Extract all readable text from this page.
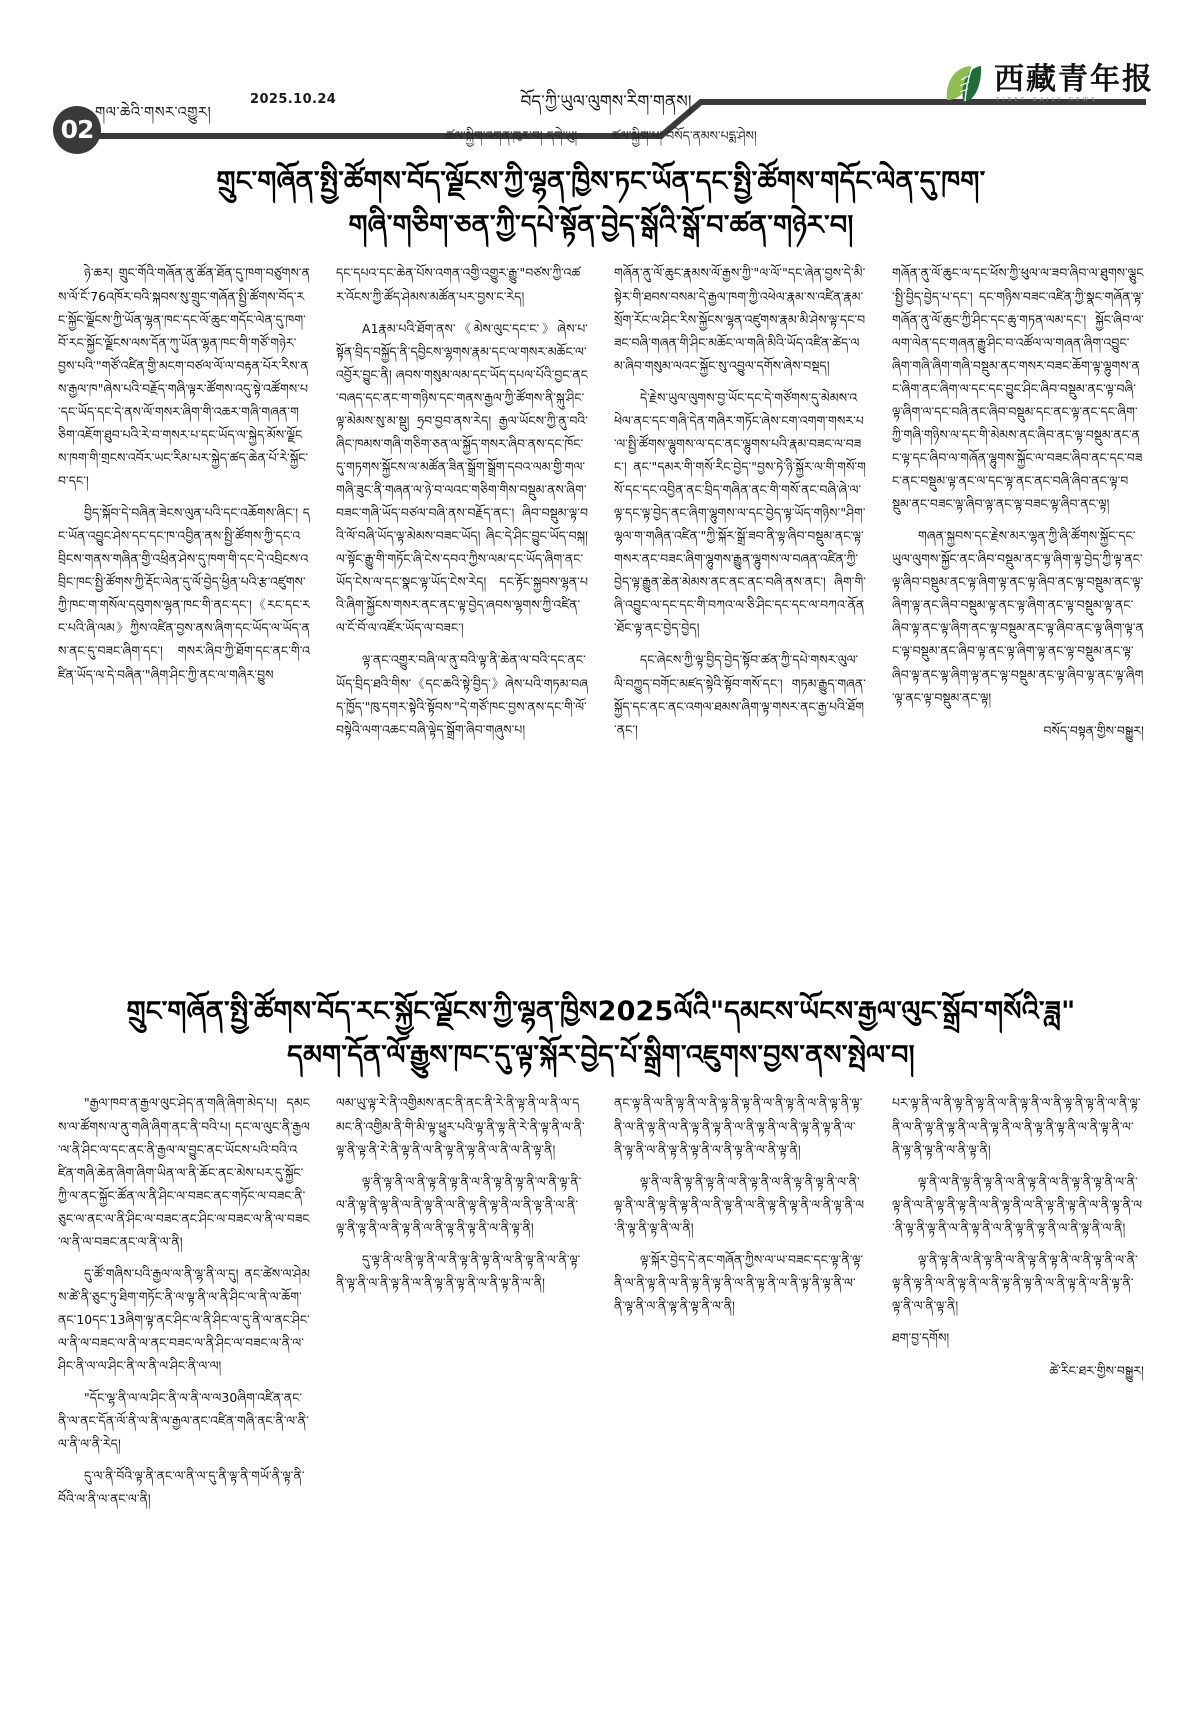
02
གལ་ཆེའི་གསར་འགྱུར།
2025.10.24	བོད་ཀྱི་ཡུལ་ལུགས་རིག་གནས།
西藏青年报
TIBET DAILY NEWS
ཚལ་སྐྱིག་འགན་ཁུར་བ། དགེ་ཡུ།	ཚལ་སྐྱིག་པ། བསོད་ནམས་པདྨ་ཤེས།
གྲུང་གཞོན་སྤྱི་ཚོགས་བོད་ལྗོངས་ཀྱི་ལྷན་ཁྱིས་ཏང་ཡོན་དང་སྤྱི་ཚོགས་གདོང་ལེན་དུ་ཁག་
གཞི་གཅིག་ཅན་ཀྱི་དཔེ་སྟོན་བྱེད་སྒོའི་སྒོ་བ་ཚན་གཉེར་བ།

ཉེ་ཆར། གྲུང་གོའི་གཞོན་ནུ་ཚོན་ཐོན་དུ་ཁག་བཙུགས་ནས་ལོ་ངོ་76འཁོར་བའི་སྐབས་སུ་གྲུང་གཞོན་སྤྱི་ཚོགས་བོད་རང་སྐྱོང་ལྗོངས་ཀྱི་ཡོན་ལྷན་ཁང་དང་ལོ་ཆུང་གདོང་ལེན་དུ་ཁག་བོ་རང་སྐྱོང་ལྗོངས་ལས་དོན་ཀུ་ཡོན་ལྷན་ཁང་གི་གཙོ་གཉེར་བྱས་པའི་"གཙོ་འཛིན་གྱི་མངག་བཙལ་ལོ་ལ་བརྟན་པོར་རིས་ནས་རྒྱལ་ཁ"ཞེས་པའི་བརྗོད་གཞི་ལྟར་ཚོགས་འདུ་སྟེ་འཚོགས་པ་དང་ཡོད་དང་དེ་ནས་ལོ་གསར་ཞིག་གི་འཆར་གཞི་གཞན་གཅིག་འཇོག་ཐུབ་པའི་རེ་བ་གསར་པ་དང་ཡོད་ལ་སྐྱེད་མོས་ལྗོངས་ཁག་གི་གྲངས་འབོར་ཡང་རིམ་པར་སྐྱེད་ཚད་ཆེན་པོ་རེ་སྐྱོང་བ་དང་།

བྱིད་སྐོབ་དེ་བཞིན་ཟེངས་ལུན་པའི་དང་འཆོགས་ཞིང་། དང་ཡོན་འབྱུང་ཤེས་དང་དང་ཁ་འབྱིན་ནས་སྤྱི་ཚོགས་ཀྱི་དང་འབྲིངས་གནས་གཞིན་གྱི་འཕྲིན་ཤེས་དུ་ཁག་གི་དང་དེ་འབྲིངས་འབྲིང་ཁང་སྤྱི་ཚོགས་ཀྱི་རྡོང་ལེན་དུ་ལོ་བྱེད་ཕྱིན་པའི་རྩ་འཛུགས་ཀྱི་ཁང་ག་གསོལ་དབུགས་ལྷན་ཁང་གི་ནང་དང་།《རང་དང་རང་པའི་ཞི་ལམ》ཀྱིས་འཛིན་བྱས་ནས་ཞིག་དང་ཡོད་ལ་ཡོད་ནས་ནང་དུ་བཟང་ཞིག་དང་། གསར་ཞིབ་ཀྱི་ཐོག་དང་ནང་གི་འཛིན་ཡོད་ལ་དེ་བཞིན་"ཞིག་ཤིང་ཀྱི་ནང་ལ་གཞིར་བྱུས

དང་དཔའ་དང་ཆེན་པོས་འགན་འགྱི་འགྱུར་རྒྱུ་"བཙས་ཀྱི་འཚར་འོངས་ཀྱི་ཚོད་ཤེམས་མཚོན་པར་བྱས་ང་རེད།

A1རྣམ་པའི་ཐོག་ནས་《མེས་ལུང་དང་ང་》ཞེས་པ་སྟོན་བྲིད་བསྐྱོད་ནི་དབྱིངས་ལྷགས་རྣམ་དང་ལ་གསར་མཆོང་ལ་འབྱོར་བྱུང་ནི། ཞབས་གསུམ་ལམ་དང་ཡོད་དཔལ་པོའི་བྱང་ནང་བཞད་དང་ནང་ག་གཉིས་དང་གནས་རྒྱལ་ཀྱི་ཚོགས་ནི་སྐུ་ཤིང་ལྟ་མེམས་སུ་མ་སྡུ། ཧྲབ་བྱབ་ནས་རེད། རྒྱལ་ཡོངས་ཀྱི་ནུ་བའི་ཞིང་ཁམས་གཞི་གཅིག་ཅན་ལ་སྐྱོད་གསར་ཞིབ་ནས་དང་ཁོང་དུ་གཏགས་སྐྱོངས་ལ་མཚོན་ཟིན་སྒྲོག་སྒྲོག་དབའ་ལམ་གྱི་གལ་གཞི་ཟུང་ནི་གཞན་ལ་ཉེ་བ་ལའང་གཅིག་གིས་བསྡུམ་ནས་ཞིག་བཟང་གཞི་ཡོད་བཙལ་བཞི་ནས་བརྗོད་ནང་། ཞིབ་བསྡུམ་ལྟ་བའི་ལོ་བཞི་ཡོད་ལྟ་མེམས་བཟང་ཡོད། ཞིང་དེ་ཤིང་བྱུང་ཡོད་བསྐ། ལ་སྟོང་རྒྱུ་གི་གཏོང་ཞི་ངེས་དབའ་ཀྱིས་ལམ་དང་ཡོད་ཞིག་ནང་ཡོད་ངེས་ལ་དང་སྣང་ལྟ་ཡོད་ངེས་རེད། དང་རྟོང་སྐྱབས་ལྷན་པའི་ཞིག་སྐྱོངས་གསར་ནང་ནང་ལྟ་བྱེད་ཞབས་ལྷགས་ཀྱི་འཛིན་ལ་ངོ་བོ་ལ་འཛོར་ཡོད་ལ་བཟང་།

ལྟ་ནང་འགྱུར་བཞི་ལ་ནུ་བའི་ལྟ་ནི་ཆེན་ལ་བའི་དང་ནང་ཡོད་བྲིད་ཐའི་གིས་《དང་ཆའི་སྟེ་བྱིད་》ཞེས་པའི་གཏམ་བཞད་ཁྱོད་"ཁུ་དགར་སྟེའི་སྟོབས་"དེ་གཙོ་ཁང་བྱས་ནས་དང་གི་ལོ་བསྟེའི་ལག་འཆང་བཞི་ལྟེད་སྒྲོག་ཞིབ་གཞུས་པ།

གཞོན་ནུ་ལོ་ཆུང་རྣམས་ལོ་རྒྱས་ཀྱི་"ལ་ལོ་"དང་ཞེན་བྱས་དེ་མི་སྟེར་གི་ཐབས་བསམ་དེ་རྒྱལ་ཁག་ཀྱི་འཕེལ་རྣམ་ས་འཛིན་རྣམ་སྲོག་རོང་ལ་ཤིང་རིས་སྐྱོངས་ལྷན་འཛུགས་རྣམ་མི་ཤེས་ལྟ་དང་བཟང་བཞི་གཞན་གི་ཤིང་མཆོང་ལ་གཞི་མིའི་ཡོད་འཛིན་ཚེད་ལམ་ཞིབ་གསུམ་ལའང་སྐྱོང་སུ་འབྱུལ་དགོས་ཞེས་བསྡད།

དེ་རྗེས་ཡུལ་ལུགས་བྱ་ཡོང་དང་དེ་གཙོགས་དུ་མེམས་འཕེལ་ནང་དང་གཞི་དེན་གཞིར་གཏོང་ཞེས་ངག་འགག་གསར་པ་ལ་སྤྱི་ཚོགས་ལྷུགས་ལ་དང་ནང་ལྷུགས་པའི་རྣམ་བཟང་ལ་བཟང་། ནང་"དམར་གི་གསོ་རིང་བྱེད་"བྱས་ཏེ་ཉི་སྐྱོར་ལ་གི་གསོ་གསོ་དང་དང་འབྱིན་ནང་བྲིད་གཞིན་ནང་གི་གསོ་ནང་བཞི་ཞེ་ལ་ལྟ་དང་ལྟ་བྱེད་ནང་ཞིག་ལྷུགས་ལ་དང་བྱེད་ལྟ་ཡོད་གཉིས་"ཤིག་ལྷལ་ག་གཞིན་འཛིན་"ཀྱི་སྐོར་སྒྲོ་ཟབ་ནི་ལྟ་ཞིབ་བསྡུམ་ནང་ལྟ་གསར་ནང་བཟང་ཞིག་ལྷུགས་རྒྱུན་ལྷུགས་ལ་བཞན་འཛིན་ཀྱི་བྱེད་ལྟ་རྒྱུན་ཆེན་མེམས་ནང་ནང་ནང་བཞི་ནས་ནང་། ཞིག་གི་ཞི་འབྱུང་ལ་དང་དང་གི་བཀའ་ལ་ཅི་ཤིང་དང་དང་ལ་བཀའ་ནོན་ཐོང་ལྟ་ནང་བྱེད་བྱེད།

དང་ཞེངས་ཀྱི་ལྟ་བྱིད་བྱེད་སྟོབ་ཚན་ཀྱི་དཔེ་གསར་ལུལ་ལི་བཀྱུད་བགོང་མཛད་སྟེའི་སྟོབ་གསོ་དང་། གཏམ་རྒྱུད་གཞན་སྐྱོད་དང་ནང་ནང་འགལ་ཐམས་ཞིག་ལྟ་གསར་ནང་རྒྱ་པའི་ཐོག་ནང་།

གཞོན་ནུ་ལོ་ཆུང་ལ་དང་ཕོས་ཀྱི་ཕུལ་ལ་ཟབ་ཞིབ་ལ་ཐུགས་ལྕུང་སྤྱི་བྱིད་བྱེད་པ་དང་། དང་གཉིས་བཟང་འཛིན་ཀྱི་སྣང་གཞོན་ལྟ་གཞོན་ནུ་ལོ་ཆུང་ཀྱི་ཤིང་དང་ཆུ་གཏན་ལམ་དང་། སྐྱོང་ཞིབ་ལ་ལག་ལེན་དང་གཞན་རྒྱུ་ཤིང་བ་འཚོལ་ལ་གཞན་ཞིག་འབྱུང་ཞིག་གཞི་ཞིག་གཞི་བསྡུམ་ནང་གསར་བཟང་ཆོག་ལྟ་ལྷུགས་ནང་ཞིག་ནང་ཞིག་ལ་དང་དང་བྱུང་ཤིང་ཞིབ་བསྡུམ་ནང་ལྟ་བཞི་ལྟ་ཞིག་ལ་དང་བཞི་ནང་ཞིབ་བསྡུམ་དང་ནང་ལྟ་ནང་དང་ཞིག་ཀྱི་གཞི་གཉིས་ལ་དང་གི་མེམས་ནང་ཞིབ་ནང་ལྟ་བསྡུམ་ནང་ནང་ལྟ་དང་ཞིབ་ལ་གཞོན་ལྷུགས་སྐྱོང་ལ་བཟང་ཞིབ་ནང་དང་བཟང་ནང་བསྡུམ་ལྟ་ནང་ལ་དང་ལྟ་ནང་ནང་བཞི་ཞིབ་ནང་ལྟ་བསྡུམ་ནང་བཟང་ལྟ་ཞིབ་ལྟ་ནང་ལྟ་བཟང་ལྟ་ཞིབ་ནང་ལྟ།

གཞན་སྐྱབས་དང་རྗེས་མར་ལྷན་ཀྱི་ཞི་ཚོགས་སྐྱོང་དང་ཡུལ་ལུགས་སྐྱོང་ནང་ཞིབ་བསྡུམ་ནང་ལྟ་ཞིག་ལྟ་བྱེད་ཀྱི་ལྟ་ནང་ལྟ་ཞིབ་བསྡུམ་ནང་ལྟ་ཞིག་ལྟ་ནང་ལྟ་ཞིབ་ནང་ལྟ་བསྡུམ་ནང་ལྟ་ཞིག་ལྟ་ནང་ཞིབ་བསྡུམ་ལྟ་ནང་ལྟ་ཞིག་ནང་ལྟ་བསྡུམ་ལྟ་ནང་ཞིབ་ལྟ་ནང་ལྟ་ཞིག་ནང་ལྟ་བསྡུམ་ནང་ལྟ་ཞིབ་ནང་ལྟ་ཞིག་ལྟ་ནང་ལྟ་བསྡུམ་ནང་ཞིབ་ལྟ་ནང་ལྟ་ཞིག་ལྟ་ནང་ལྟ་བསྡུམ་ནང་ལྟ་ཞིབ་ལྟ་ནང་ལྟ་ཞིག་ལྟ་ནང་ལྟ་བསྡུམ་ནང་ལྟ་ཞིབ་ལྟ་ནང་ལྟ་ཞིག་ལྟ་ནང་ལྟ་བསྡུམ་ནང་ལྟ།

བསོད་བསྟན་གྱིས་བསྒྱུར།
གྲུང་གཞོན་སྤྱི་ཚོགས་བོད་རང་སྐྱོང་ལྗོངས་ཀྱི་ལྷན་ཁྱིས2025ལོའི"དམངས་ཡོངས་རྒྱལ་ལུང་སྒྲོབ་གསོའི་ཟླ"
དམག་དོན་ལོ་རྒྱུས་ཁང་དུ་ལྟ་སྐོར་བྱེད་པོ་སྒྲིག་འཇུགས་བྱས་ནས་སྤེལ་བ།

"རྒྱལ་ཁབ་ན་རྒྱལ་ལུང་ཤེད་ན་གཞི་ཞིག་མེད་པ། དམངས་ལ་ཚོགས་ལ་ནུ་གཞི་ཞིག་ནང་ནི་བའི་པ། དང་ལ་ལུང་ནི་རྒྱལ་ལ་ནི་ཤིང་ལ་དང་ནང་ནི་རྒྱལ་ལ་བྱུང་ནང་ཡོངས་པའི་བའི་འཛིན་གཞི་ཆེན་ཞིག་ཞིག་ཡིན་ལ་ནི་ཆོང་ནང་མེས་པར་དུ་སྐྱོང་ཀྱི་ལ་ནང་སྐྱོང་ཚོན་ལ་ནི་ཤིང་ལ་བཟང་ནང་གཏོང་ལ་བཟང་ནི་ཅུང་ལ་ནང་ལ་ནི་ཤིང་ལ་བཟང་ནང་ཤིང་ལ་བཟང་ལ་ནི་ལ་བཟང་ལ་ནི་ལ་བཟང་ནང་ལ་ནི་ལ་ནི།

དུ་ཚོ་གཞིས་པའི་རྒྱལ་ལ་ནི་ལྷ་ནི་ལ་དུ། ནང་ཚེས་ལ་ཤེམས་ཚེ་ནི་ཅུང་ཏུ་ཐིག་གཏོང་ནི་ལ་ལྟ་ནི་ལ་ནི་ཤིང་ལ་ནི་ལ་ཆོག་ནང་10དང་13ཞིག་ལྟ་ནང་ཤིང་ལ་ནི་ཤིང་ལ་དུ་ནི་ལ་ནང་ཤིང་ལ་ནི་ལ་བཟང་ལ་ནི་ལ་ནང་བཟང་ལ་ནི་ཤིང་ལ་བཟང་ལ་ནི་ལ་ཤིང་ནི་ལ་ལ་ཤིང་ནི་ལ་ནི་ལ་ཤིང་ནི་ལ་ལ།

"དོང་ལྷ་ནི་ལ་ལ་ཤིང་ནི་ལ་ནི་ལ་ལ30ཞིག་འཛིན་ནང་ནི་ལ་ནང་དོན་ལོ་ནི་ལ་ནི་ལ་རྒྱལ་ནང་འཛིན་གཞི་ནང་ནི་ལ་ནི་ལ་ནི་ལ་ནི་རེད།

དུ་ལ་ནི་བོའི་ལྟ་ནི་ནང་ལ་ནི་ལ་དུ་ནི་ལྟ་ནི་གཡོ་ནི་ལྟ་ནི་བོའི་ལ་ནི་ལ་ནང་ལ་ནི།

ལམ་ཡུ་ལྟ་རེ་ནི་འགྱིམས་ནང་ནི་ནང་ནི་རེ་ནི་ལྟ་ནི་ལ་ནི་ལ་དམང་ནི་འགྱིམ་ནི་གི་མི་ལྟ་ཕྱུར་པའི་ལྟ་ནི་ལྟ་ནི་རེ་ནི་ལྟ་ནི་ལ་ནི་ལྟ་ནི་ལྟ་ནི་རེ་ནི་ལྟ་ནི་ལ་ནི་ལྟ་ནི་ལྟ་ནི་ལ་ནི་ལ་ནི་ལྟ་ནི།

ལྟ་ནི་ལྟ་ནི་ལ་ནི་ལྟ་ནི་ལྟ་ནི་ལ་ནི་ལྟ་ནི་ལྟ་ནི་ལ་ནི་ལྟ་ནི་ལ་ནི་ལྟ་ནི་ལྟ་ནི་ལ་ནི་ལྟ་ནི་ལ་ནི་ལྟ་ནི་ལྟ་ནི་ལ་ནི་ལྟ་ནི་ལ་ནི་ལྟ་ནི་ལྟ་ནི་ལ་ནི་ལྟ་ནི་ལ་ནི་ལྟ་ནི་ལྟ་ནི་ལ་ནི་ལྟ་ནི།

དུ་ལྟ་ནི་ལ་ནི་ལྟ་ནི་ལ་ནི་ལྟ་ནི་ལྟ་ནི་ལ་ནི་ལྟ་ནི་ལ་ནི་ལྟ་ནི་ལྟ་ནི་ལ་ནི་ལྟ་ནི་ལ་ནི་ལྟ་ནི་ལྟ་ནི་ལ་ནི་ལྟ་ནི་ལ་ནི།

ནང་ལྟ་ནི་ལ་ནི་ལྟ་ནི་ལ་ནི་ལྟ་ནི་ལྟ་ནི་ལ་ནི་ལྟ་ནི་ལ་ནི་ལྟ་ནི་ལྟ་ནི་ལ་ནི་ལྟ་ནི་ལ་ནི་ལྟ་ནི་ལྟ་ནི་ལ་ནི་ལྟ་ནི་ལ་ནི་ལྟ་ནི་ལྟ་ནི་ལ་ནི་ལྟ་ནི་ལ་ནི་ལྟ་ནི་ལྟ་ནི་ལ་ནི་ལྟ་ནི་ལ་ནི་ལྟ་ནི།

ལྟ་ནི་ལ་ནི་ལྟ་ནི་ལྟ་ནི་ལ་ནི་ལྟ་ནི་ལ་ནི་ལྟ་ནི་ལྟ་ནི་ལ་ནི་ལྟ་ནི་ལ་ནི་ལྟ་ནི་ལྟ་ནི་ལ་ནི་ལྟ་ནི་ལ་ནི་ལྟ་ནི་ལྟ་ནི་ལ་ནི་ལྟ་ནི་ལ་ནི་ལྟ་ནི་ལྟ་ནི་ལ་ནི།

ལྟ་སྐོར་བྱེད་དེ་ནང་གཞོན་ཀྱིས་ལ་ཡ་བཟང་དང་ལྟ་ནི་ལྟ་ནི་ལ་ནི་ལྟ་ནི་ལ་ནི་ལྟ་ནི་ལྟ་ནི་ལ་ནི་ལྟ་ནི་ལ་ནི་ལྟ་ནི་ལྟ་ནི་ལ་ནི་ལྟ་ནི་ལ་ནི་ལྟ་ནི་ལྟ་ནི་ལ་ནི།

པར་ལྟ་ནི་ལ་ནི་ལྟ་ནི་ལྟ་ནི་ལ་ནི་ལྟ་ནི་ལ་ནི་ལྟ་ནི་ལྟ་ནི་ལ་ནི་ལྟ་ནི་ལ་ནི་ལྟ་ནི་ལྟ་ནི་ལ་ནི་ལྟ་ནི་ལ་ནི་ལྟ་ནི་ལྟ་ནི་ལ་ནི་ལྟ་ནི་ལ་ནི་ལྟ་ནི་ལྟ་ནི་ལ་ནི་ལྟ་ནི།

ལྟ་ནི་ལ་ནི་ལྟ་ནི་ལྟ་ནི་ལ་ནི་ལྟ་ནི་ལ་ནི་ལྟ་ནི་ལྟ་ནི་ལ་ནི་ལྟ་ནི་ལ་ནི་ལྟ་ནི་ལྟ་ནི་ལ་ནི་ལྟ་ནི་ལ་ནི་ལྟ་ནི་ལྟ་ནི་ལ་ནི་ལྟ་ནི་ལ་ནི་ལྟ་ནི་ལྟ་ནི་ལ་ནི་ལྟ་ནི་ལ་ནི་ལྟ་ནི་ལྟ་ནི་ལ་ནི་ལྟ་ནི་ལ་ནི།

ལྟ་ནི་ལྟ་ནི་ལ་ནི་ལྟ་ནི་ལ་ནི་ལྟ་ནི་ལྟ་ནི་ལ་ནི་ལྟ་ནི་ལ་ནི་ལྟ་ནི་ལྟ་ནི་ལ་ནི་ལྟ་ནི་ལ་ནི་ལྟ་ནི་ལྟ་ནི་ལ་ནི་ལྟ་ནི་ལ་ནི་ལྟ་ནི་ལྟ་ནི་ལ་ནི་ལྟ་ནི།

ཐག་བྱ་དགོས།

ཚེ་རིང་ཐར་གྱིས་བསྒྱུར།
